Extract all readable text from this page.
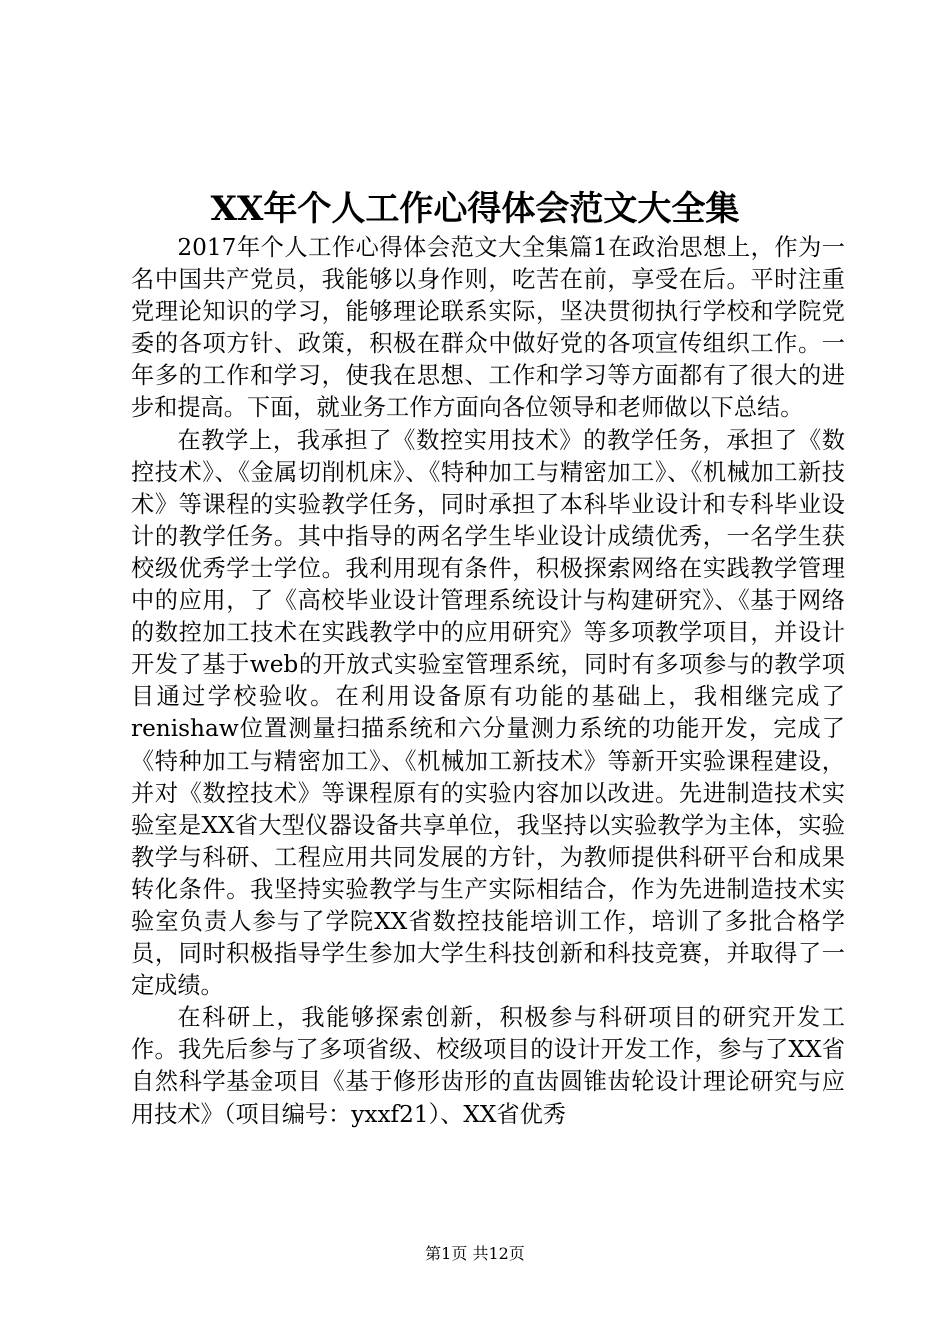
XX年个人工作心得体会范文大全集

2017年个人工作心得体会范文大全集篇1在政治思想上，作为一名中国共产党员，我能够以身作则，吃苦在前，享受在后。平时注重党理论知识的学习，能够理论联系实际，坚决贯彻执行学校和学院党委的各项方针、政策，积极在群众中做好党的各项宣传组织工作。一年多的工作和学习，使我在思想、工作和学习等方面都有了很大的进步和提高。下面，就业务工作方面向各位领导和老师做以下总结。

在教学上，我承担了《数控实用技术》的教学任务，承担了《数控技术》、《金属切削机床》、《特种加工与精密加工》、《机械加工新技术》等课程的实验教学任务，同时承担了本科毕业设计和专科毕业设计的教学任务。其中指导的两名学生毕业设计成绩优秀，一名学生获校级优秀学士学位。我利用现有条件，积极探索网络在实践教学管理中的应用，了《高校毕业设计管理系统设计与构建研究》、《基于网络的数控加工技术在实践教学中的应用研究》等多项教学项目，并设计开发了基于web的开放式实验室管理系统，同时有多项参与的教学项目通过学校验收。在利用设备原有功能的基础上，我相继完成了renishaw位置测量扫描系统和六分量测力系统的功能开发，完成了《特种加工与精密加工》、《机械加工新技术》等新开实验课程建设，并对《数控技术》等课程原有的实验内容加以改进。先进制造技术实验室是XX省大型仪器设备共享单位，我坚持以实验教学为主体，实验教学与科研、工程应用共同发展的方针，为教师提供科研平台和成果转化条件。我坚持实验教学与生产实际相结合，作为先进制造技术实验室负责人参与了学院XX省数控技能培训工作，培训了多批合格学员，同时积极指导学生参加大学生科技创新和科技竞赛，并取得了一定成绩。

在科研上，我能够探索创新，积极参与科研项目的研究开发工作。我先后参与了多项省级、校级项目的设计开发工作，参与了XX省自然科学基金项目《基于修形齿形的直齿圆锥齿轮设计理论研究与应用技术》（项目编号：yxxf21）、XX省优秀

第1页 共12页
